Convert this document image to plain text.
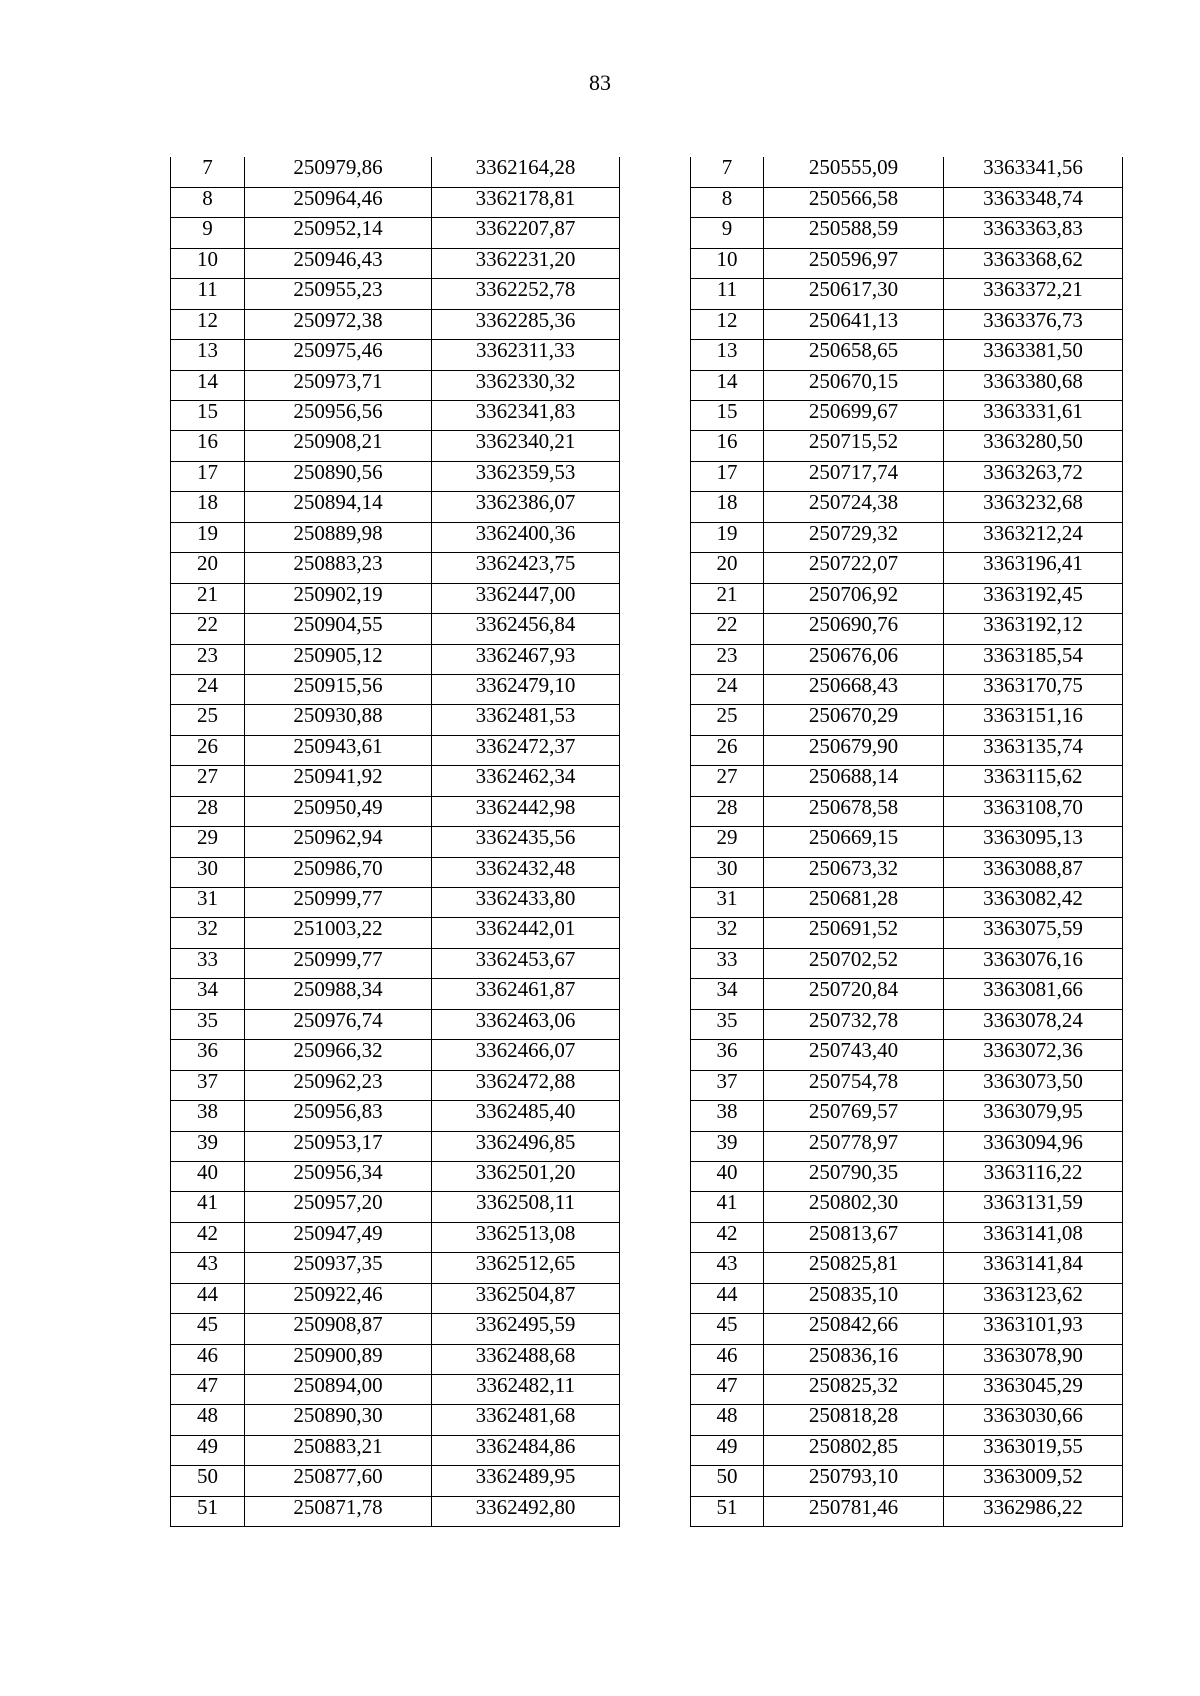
83
7	250979,86	3362164,28
8	250964,46	3362178,81
9	250952,14	3362207,87
10	250946,43	3362231,20
11	250955,23	3362252,78
12	250972,38	3362285,36
13	250975,46	3362311,33
14	250973,71	3362330,32
15	250956,56	3362341,83
16	250908,21	3362340,21
17	250890,56	3362359,53
18	250894,14	3362386,07
19	250889,98	3362400,36
20	250883,23	3362423,75
21	250902,19	3362447,00
22	250904,55	3362456,84
23	250905,12	3362467,93
24	250915,56	3362479,10
25	250930,88	3362481,53
26	250943,61	3362472,37
27	250941,92	3362462,34
28	250950,49	3362442,98
29	250962,94	3362435,56
30	250986,70	3362432,48
31	250999,77	3362433,80
32	251003,22	3362442,01
33	250999,77	3362453,67
34	250988,34	3362461,87
35	250976,74	3362463,06
36	250966,32	3362466,07
37	250962,23	3362472,88
38	250956,83	3362485,40
39	250953,17	3362496,85
40	250956,34	3362501,20
41	250957,20	3362508,11
42	250947,49	3362513,08
43	250937,35	3362512,65
44	250922,46	3362504,87
45	250908,87	3362495,59
46	250900,89	3362488,68
47	250894,00	3362482,11
48	250890,30	3362481,68
49	250883,21	3362484,86
50	250877,60	3362489,95
51	250871,78	3362492,80
7	250555,09	3363341,56
8	250566,58	3363348,74
9	250588,59	3363363,83
10	250596,97	3363368,62
11	250617,30	3363372,21
12	250641,13	3363376,73
13	250658,65	3363381,50
14	250670,15	3363380,68
15	250699,67	3363331,61
16	250715,52	3363280,50
17	250717,74	3363263,72
18	250724,38	3363232,68
19	250729,32	3363212,24
20	250722,07	3363196,41
21	250706,92	3363192,45
22	250690,76	3363192,12
23	250676,06	3363185,54
24	250668,43	3363170,75
25	250670,29	3363151,16
26	250679,90	3363135,74
27	250688,14	3363115,62
28	250678,58	3363108,70
29	250669,15	3363095,13
30	250673,32	3363088,87
31	250681,28	3363082,42
32	250691,52	3363075,59
33	250702,52	3363076,16
34	250720,84	3363081,66
35	250732,78	3363078,24
36	250743,40	3363072,36
37	250754,78	3363073,50
38	250769,57	3363079,95
39	250778,97	3363094,96
40	250790,35	3363116,22
41	250802,30	3363131,59
42	250813,67	3363141,08
43	250825,81	3363141,84
44	250835,10	3363123,62
45	250842,66	3363101,93
46	250836,16	3363078,90
47	250825,32	3363045,29
48	250818,28	3363030,66
49	250802,85	3363019,55
50	250793,10	3363009,52
51	250781,46	3362986,22
